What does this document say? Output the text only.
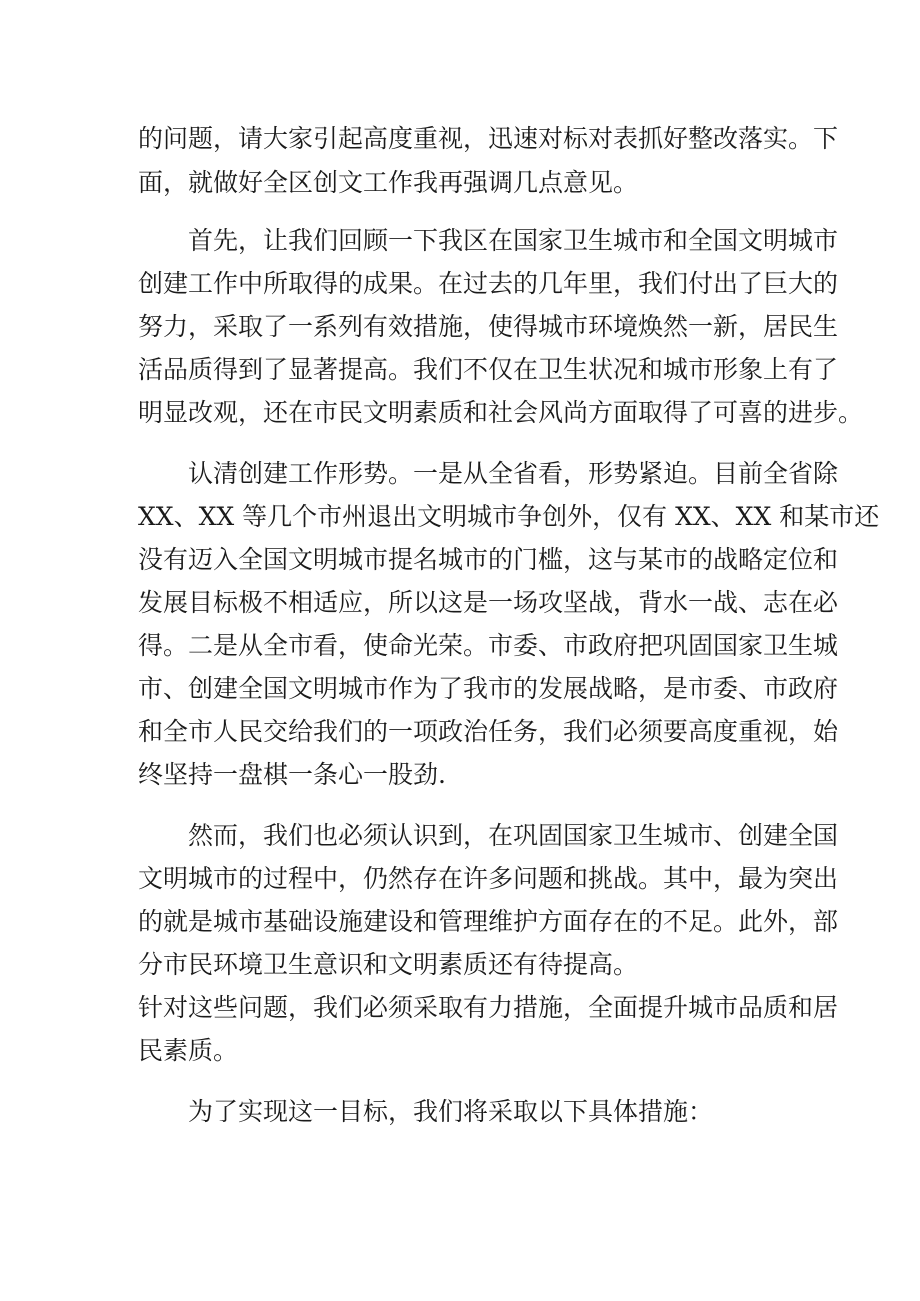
的问题，请大家引起高度重视，迅速对标对表抓好整改落实。下
面，就做好全区创文工作我再强调几点意见。
首先，让我们回顾一下我区在国家卫生城市和全国文明城市
创建工作中所取得的成果。在过去的几年里，我们付出了巨大的
努力，采取了一系列有效措施，使得城市环境焕然一新，居民生
活品质得到了显著提高。我们不仅在卫生状况和城市形象上有了
明显改观，还在市民文明素质和社会风尚方面取得了可喜的进步。
认清创建工作形势。一是从全省看，形势紧迫。目前全省除
XX、XX 等几个市州退出文明城市争创外，仅有 XX、XX 和某市还
没有迈入全国文明城市提名城市的门槛，这与某市的战略定位和
发展目标极不相适应，所以这是一场攻坚战，背水一战、志在必
得。二是从全市看，使命光荣。市委、市政府把巩固国家卫生城
市、创建全国文明城市作为了我市的发展战略，是市委、市政府
和全市人民交给我们的一项政治任务，我们必须要高度重视，始
终坚持一盘棋一条心一股劲.
然而，我们也必须认识到，在巩固国家卫生城市、创建全国
文明城市的过程中，仍然存在许多问题和挑战。其中，最为突出
的就是城市基础设施建设和管理维护方面存在的不足。此外，部
分市民环境卫生意识和文明素质还有待提高。
针对这些问题，我们必须采取有力措施，全面提升城市品质和居
民素质。
为了实现这一目标，我们将采取以下具体措施：
